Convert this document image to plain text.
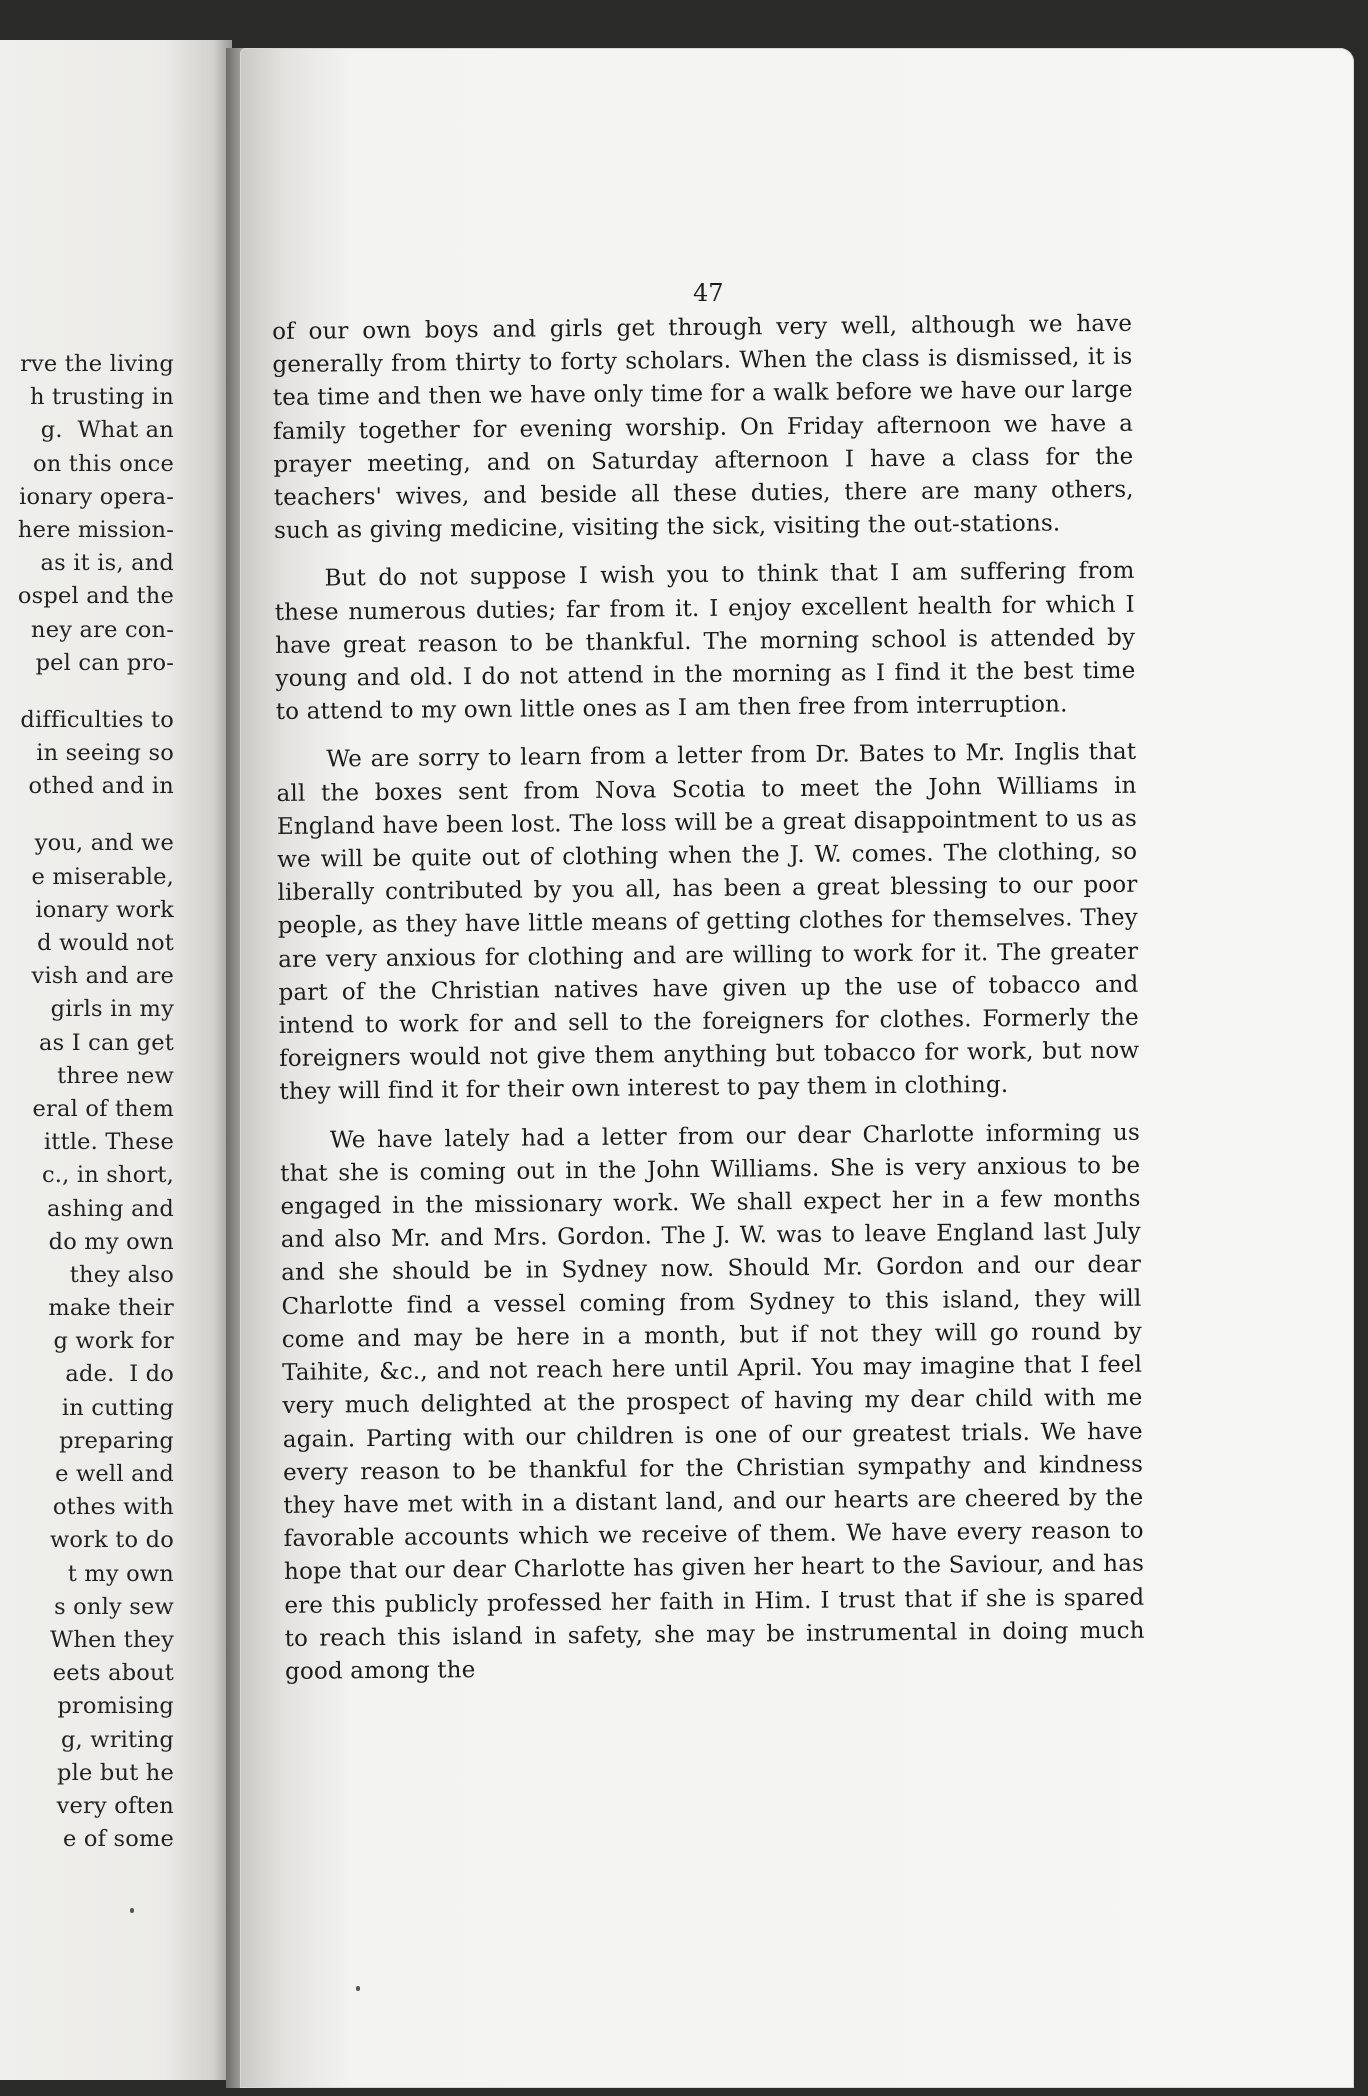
rve the living
h trusting in
g.  What an
on this once
ionary opera-
here mission-
as it is, and
ospel and the
ney are con-
pel can pro-
difficulties to
in seeing so
othed and in
you, and we
e miserable,
ionary work
d would not
vish and are
girls in my
as I can get
three new
eral of them
ittle. These
c., in short,
ashing and
do my own
they also
make their
g work for
ade.  I do
in cutting
preparing
e well and
othes with
work to do
t my own
s only sew
When they
eets about
promising
g, writing
ple but he
very often
e of some
47

of our own boys and girls get through very well, although we have generally from thirty to forty scholars. When the class is dismissed, it is tea time and then we have only time for a walk before we have our large family together for evening worship. On Friday afternoon we have a prayer meeting, and on Saturday afternoon I have a class for the teachers' wives, and beside all these duties, there are many others, such as giving medicine, visiting the sick, visiting the out-stations.

But do not suppose I wish you to think that I am suffering from these numerous duties; far from it. I enjoy excellent health for which I have great reason to be thankful. The morning school is attended by young and old. I do not attend in the morning as I find it the best time to attend to my own little ones as I am then free from interruption.

We are sorry to learn from a letter from Dr. Bates to Mr. Inglis that all the boxes sent from Nova Scotia to meet the John Williams in England have been lost. The loss will be a great disappointment to us as we will be quite out of clothing when the J. W. comes. The clothing, so liberally contributed by you all, has been a great blessing to our poor people, as they have little means of getting clothes for themselves. They are very anxious for clothing and are willing to work for it. The greater part of the Christian natives have given up the use of tobacco and intend to work for and sell to the foreigners for clothes. Formerly the foreigners would not give them anything but tobacco for work, but now they will find it for their own interest to pay them in clothing.

We have lately had a letter from our dear Charlotte informing us that she is coming out in the John Williams. She is very anxious to be engaged in the missionary work. We shall expect her in a few months and also Mr. and Mrs. Gordon. The J. W. was to leave England last July and she should be in Sydney now. Should Mr. Gordon and our dear Charlotte find a vessel coming from Sydney to this island, they will come and may be here in a month, but if not they will go round by Taihite, &c., and not reach here until April. You may imagine that I feel very much delighted at the prospect of having my dear child with me again. Parting with our children is one of our greatest trials. We have every reason to be thankful for the Christian sympathy and kindness they have met with in a distant land, and our hearts are cheered by the favorable accounts which we receive of them. We have every reason to hope that our dear Charlotte has given her heart to the Saviour, and has ere this publicly professed her faith in Him. I trust that if she is spared to reach this island in safety, she may be instrumental in doing much good among the
